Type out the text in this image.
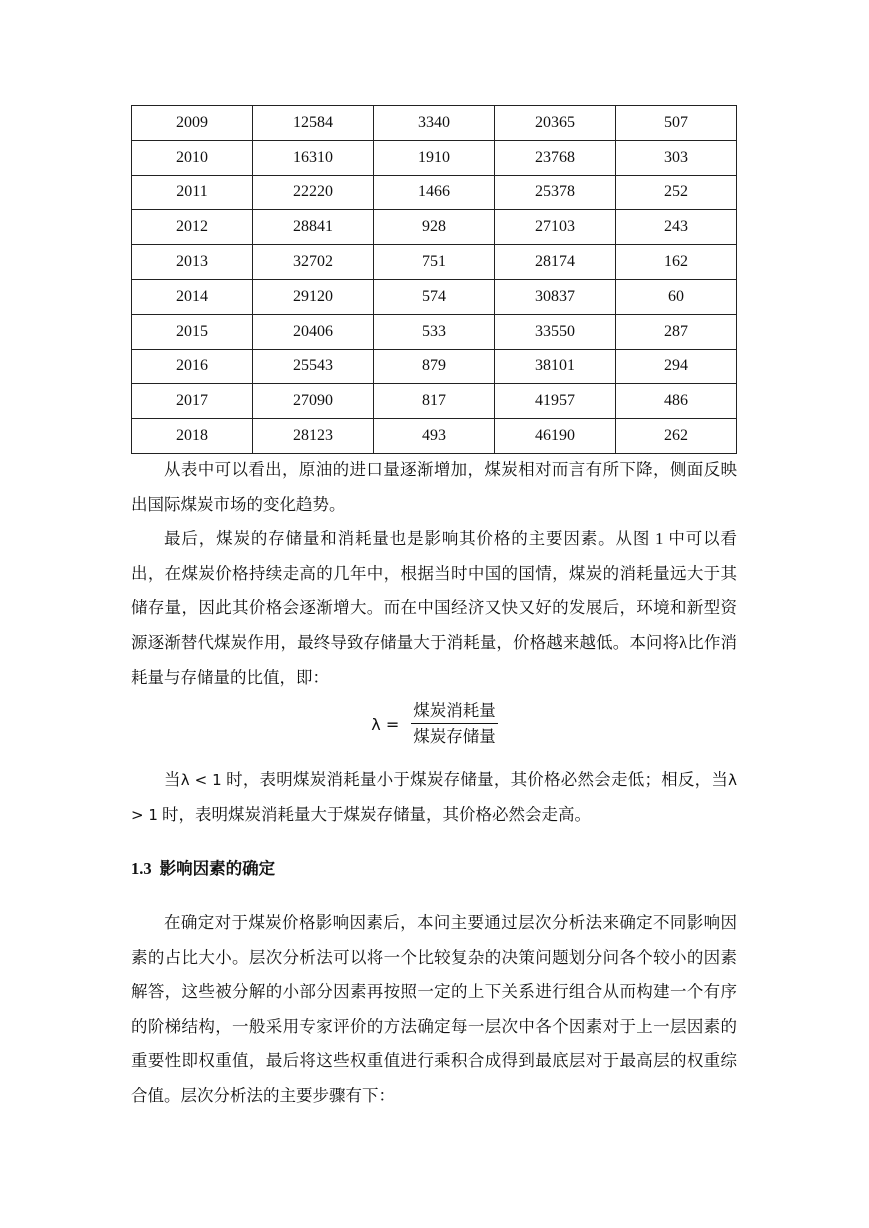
2009	12584	3340	20365	507
2010	16310	1910	23768	303
2011	22220	1466	25378	252
2012	28841	928	27103	243
2013	32702	751	28174	162
2014	29120	574	30837	60
2015	20406	533	33550	287
2016	25543	879	38101	294
2017	27090	817	41957	486
2018	28123	493	46190	262

从表中可以看出，原油的进口量逐渐增加，煤炭相对而言有所下降，侧面反映出国际煤炭市场的变化趋势。

最后，煤炭的存储量和消耗量也是影响其价格的主要因素。从图 1 中可以看出，在煤炭价格持续走高的几年中，根据当时中国的国情，煤炭的消耗量远大于其储存量，因此其价格会逐渐增大。而在中国经济又快又好的发展后，环境和新型资源逐渐替代煤炭作用，最终导致存储量大于消耗量，价格越来越低。本问将λ比作消耗量与存储量的比值，即：

$\lambda = \frac{\text{煤炭消耗量}}{\text{煤炭存储量}}$

当λ < 1 时，表明煤炭消耗量小于煤炭存储量，其价格必然会走低；相反，当λ > 1 时，表明煤炭消耗量大于煤炭存储量，其价格必然会走高。

1.3 影响因素的确定

在确定对于煤炭价格影响因素后，本问主要通过层次分析法来确定不同影响因素的占比大小。层次分析法可以将一个比较复杂的决策问题划分问各个较小的因素解答，这些被分解的小部分因素再按照一定的上下关系进行组合从而构建一个有序的阶梯结构，一般采用专家评价的方法确定每一层次中各个因素对于上一层因素的重要性即权重值，最后将这些权重值进行乘积合成得到最底层对于最高层的权重综合值。层次分析法的主要步骤有下：
